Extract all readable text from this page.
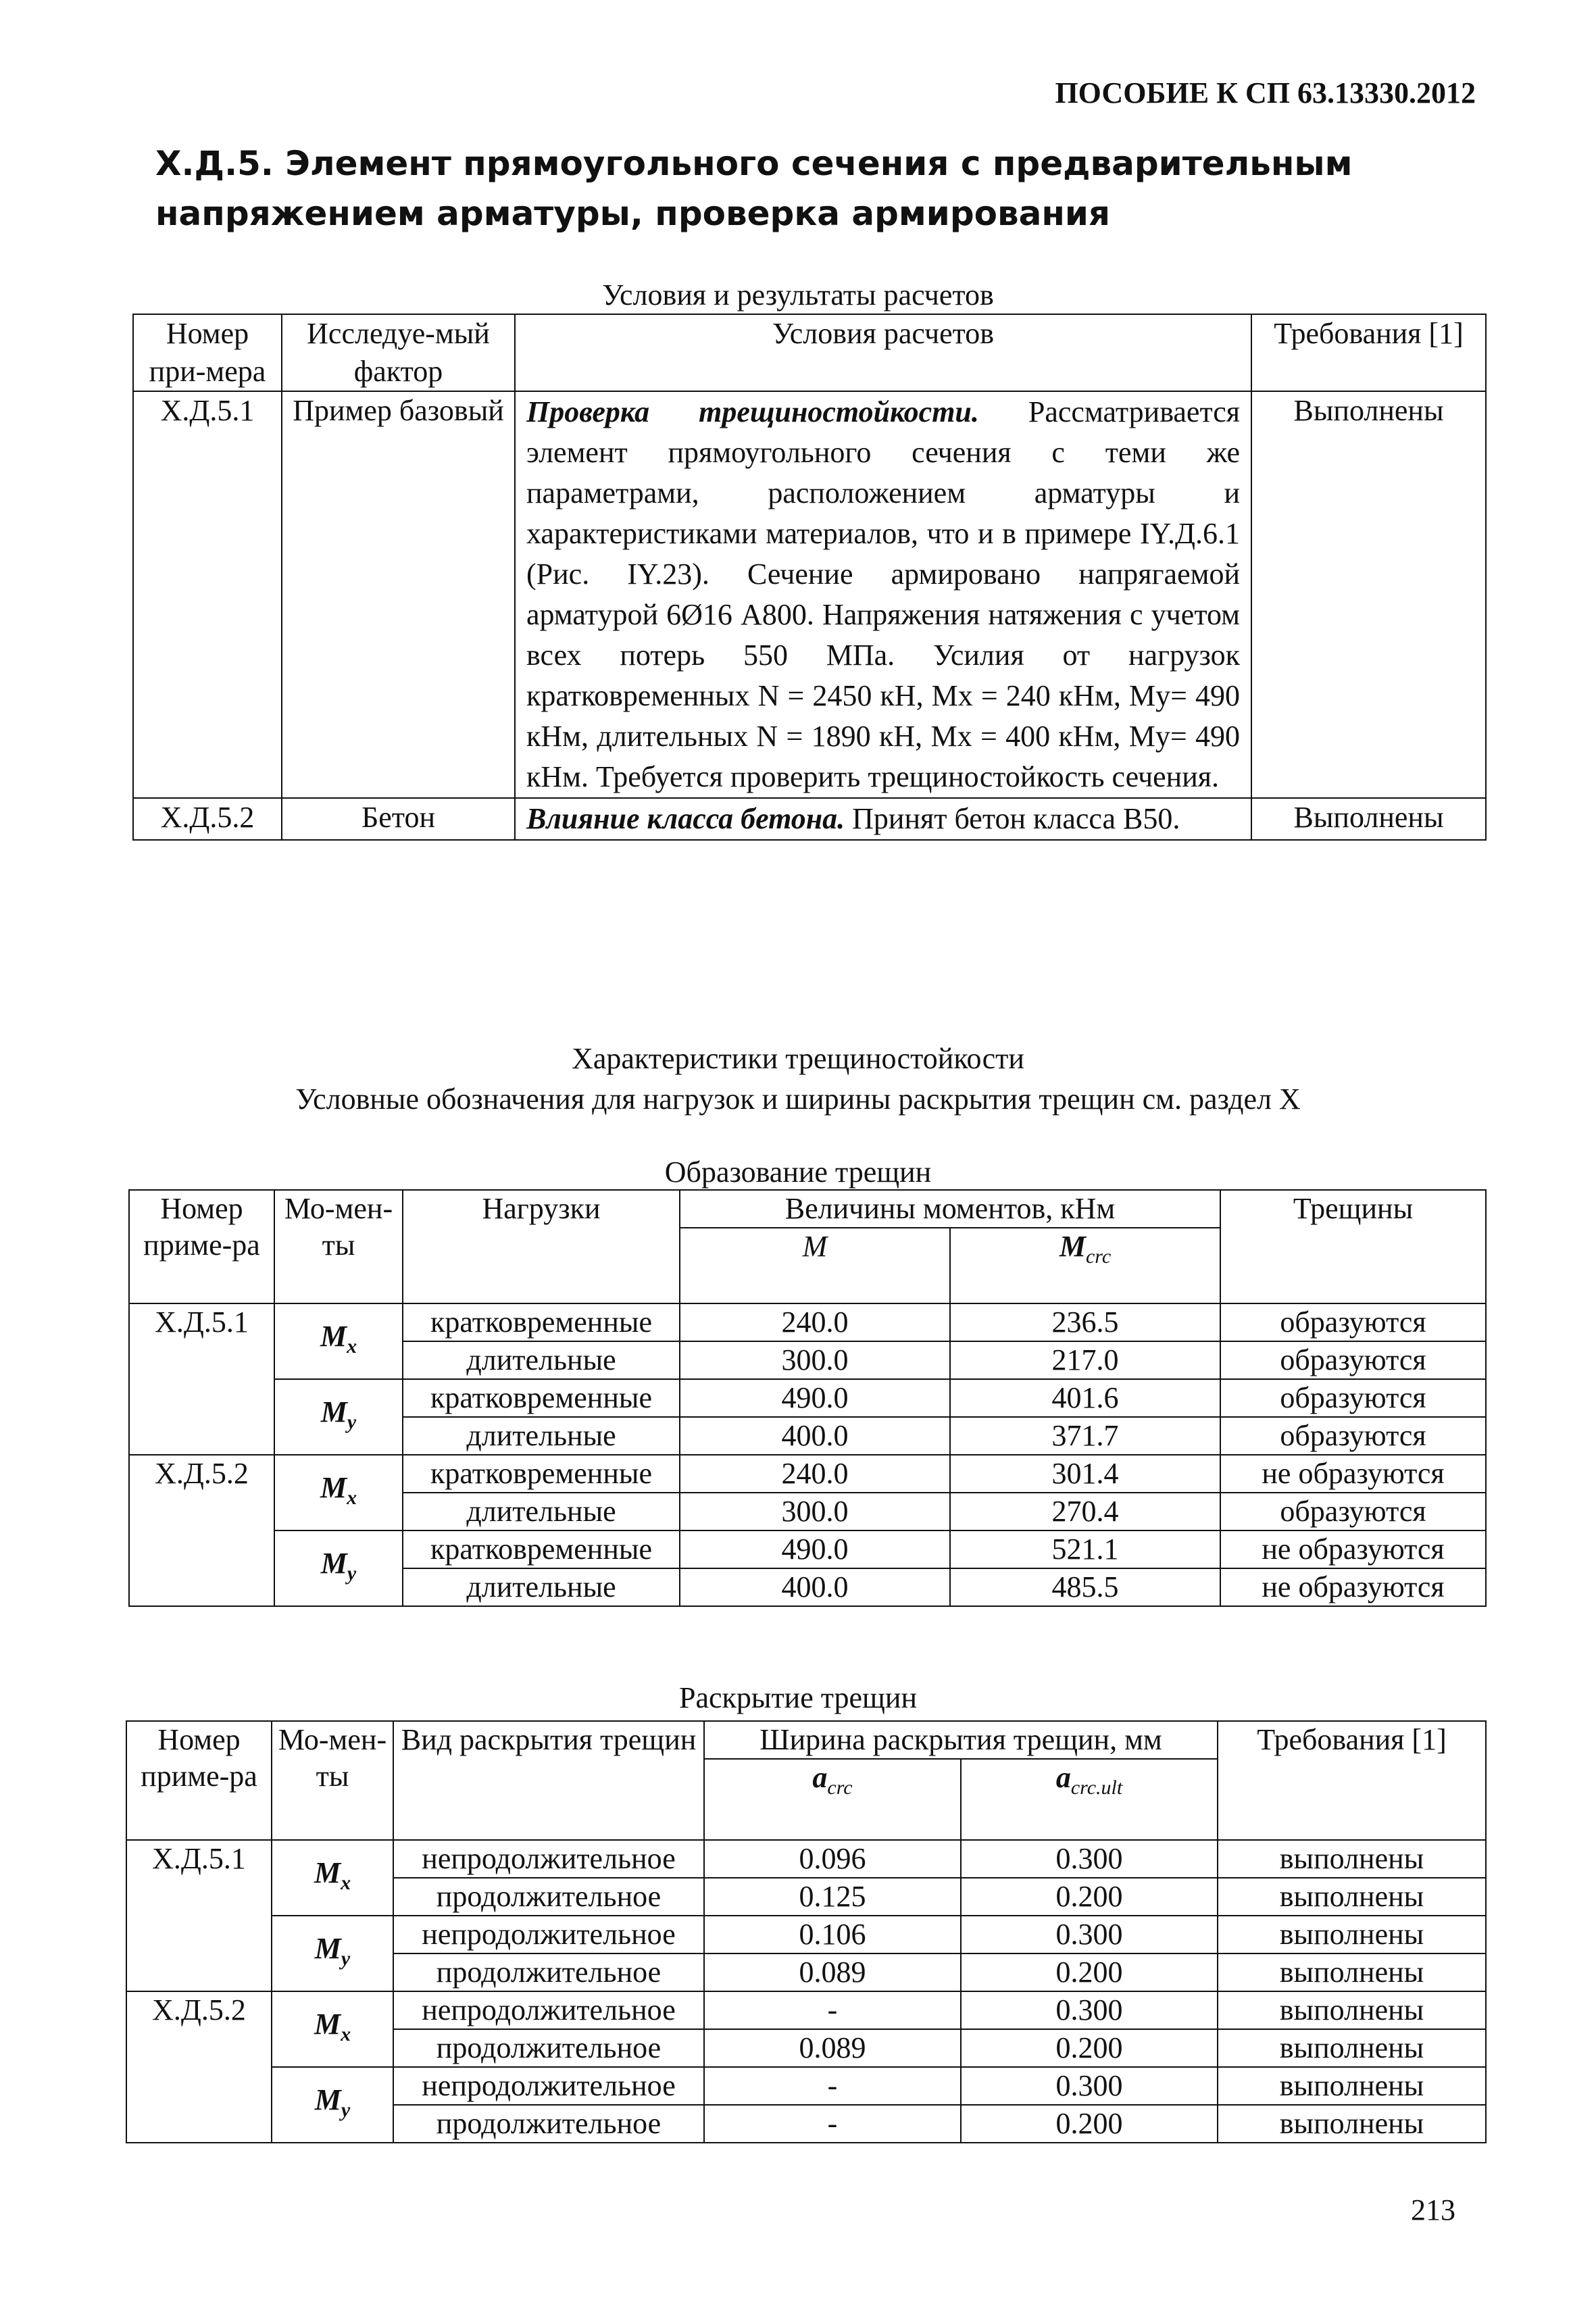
ПОСОБИЕ К СП 63.13330.2012
Х.Д.5. Элемент прямоугольного сечения с предварительным
напряжением арматуры, проверка армирования
Условия и результаты расчетов
Номер при-мера	Исследуе-мый фактор	Условия расчетов	Требования [1]
Х.Д.5.1	Пример базовый	Проверка трещиностойкости. Рассматривается элемент прямоугольного сечения с теми же параметрами, расположением арматуры и характеристиками материалов, что и в примере ΙΥ.Д.6.1 (Рис. ΙΥ.23). Сечение армировано напрягаемой арматурой 6Ø16 А800. Напряжения натяжения с учетом всех потерь 550 МПа. Усилия от нагрузок кратковременных N = 2450 кН, Mx = 240 кНм, My= 490 кНм, длительных N = 1890 кН, Mx = 400 кНм, My= 490 кНм. Требуется проверить трещиностойкость сечения.	Выполнены
Х.Д.5.2	Бетон	Влияние класса бетона. Принят бетон класса В50.	Выполнены
Характеристики трещиностойкости
Условные обозначения для нагрузок и ширины раскрытия трещин см. раздел Х
Образование трещин
Номер приме-ра	Мо-мен-ты	Нагрузки	Величины моментов, кНм		Трещины
			M	$M_{crc}$
Х.Д.5.1	$M_x$	кратковременные	240.0	236.5	образуются
		длительные	300.0	217.0	образуются
	$M_y$	кратковременные	490.0	401.6	образуются
		длительные	400.0	371.7	образуются
Х.Д.5.2	$M_x$	кратковременные	240.0	301.4	не образуются
		длительные	300.0	270.4	образуются
	$M_y$	кратковременные	490.0	521.1	не образуются
		длительные	400.0	485.5	не образуются
Раскрытие трещин
Номер приме-ра	Мо-мен-ты	Вид раскрытия трещин	Ширина раскрытия трещин, мм		Требования [1]
			$a_{crc}$	$a_{crc.ult}$
Х.Д.5.1	$M_x$	непродолжительное	0.096	0.300	выполнены
		продолжительное	0.125	0.200	выполнены
	$M_y$	непродолжительное	0.106	0.300	выполнены
		продолжительное	0.089	0.200	выполнены
Х.Д.5.2	$M_x$	непродолжительное	-	0.300	выполнены
		продолжительное	0.089	0.200	выполнены
	$M_y$	непродолжительное	-	0.300	выполнены
		продолжительное	-	0.200	выполнены
213
